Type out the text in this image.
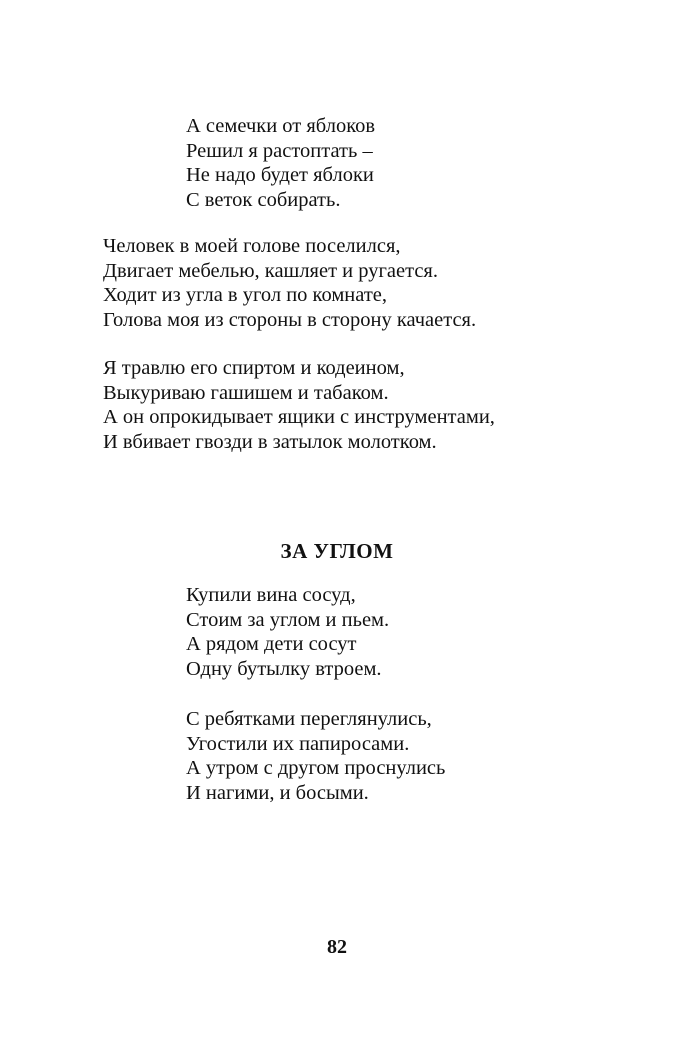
А семечки от яблоков
Решил я растоптать –
Не надо будет яблоки
С веток собирать.
Человек в моей голове поселился,
Двигает мебелью, кашляет и ругается.
Ходит из угла в угол по комнате,
Голова моя из стороны в сторону качается.
Я травлю его спиртом и кодеином,
Выкуриваю гашишем и табаком.
А он опрокидывает ящики с инструментами,
И вбивает гвозди в затылок молотком.
ЗА УГЛОМ
Купили вина сосуд,
Стоим за углом и пьем.
А рядом дети сосут
Одну бутылку втроем.
С ребятками переглянулись,
Угостили их папиросами.
А утром с другом проснулись
И нагими, и босыми.

82
